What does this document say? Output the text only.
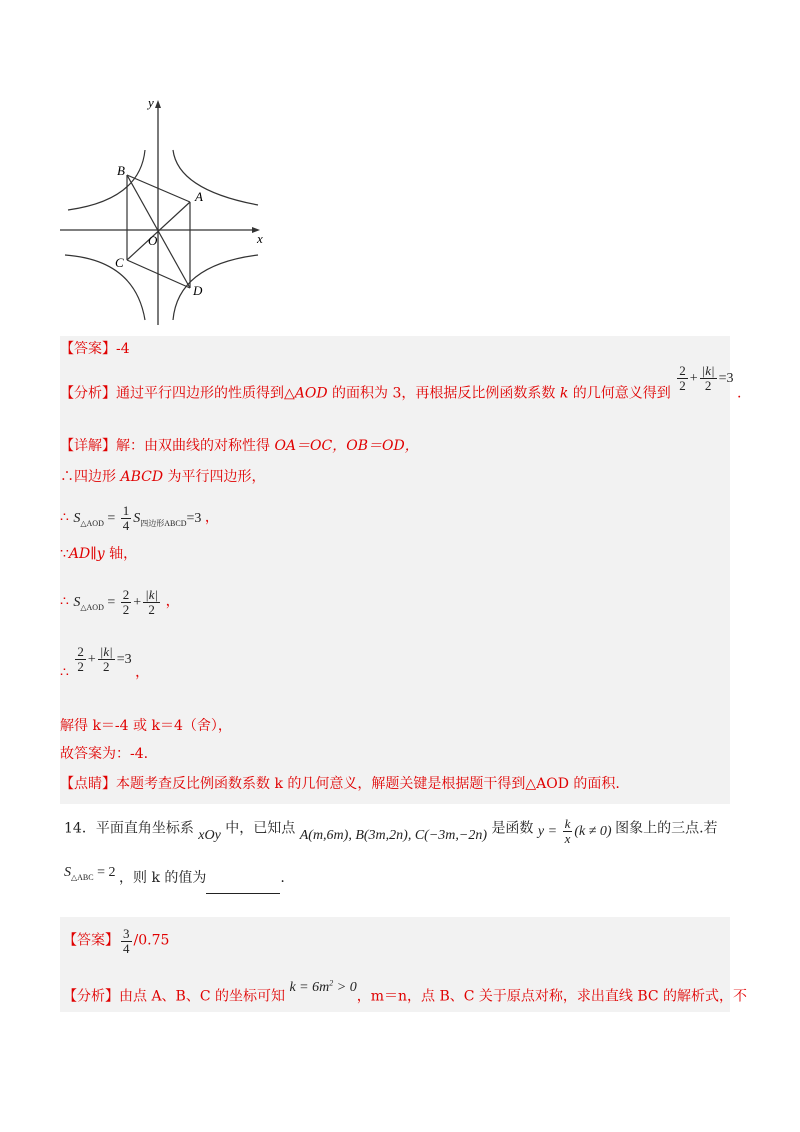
y
x
B
A
O
C
D
【答案】-4
【分析】通过平行四边形的性质得到△AOD 的面积为 3，再根据反比例函数系数 k 的几何意义得到
$\frac{2}{2} + \frac{|k|}{2} =3$ .
【详解】解：由双曲线的对称性得 OA＝OC，OB＝OD，
∴四边形 ABCD 为平行四边形，
∴ $S_{\triangle AOD} = \frac{1}{4} S_{四边形ABCD}=3$ ，
∵AD∥y 轴，
∴ $S_{\triangle AOD} = \frac{2}{2} + \frac{|k|}{2}$ ，
∴ $\frac{2}{2} + \frac{|k|}{2} =3$ ，
解得 k＝-4 或 k＝4（舍），
故答案为：-4.
【点睛】本题考查反比例函数系数 k 的几何意义，解题关键是根据题干得到△AOD 的面积.
14．平面直角坐标系 xOy 中，已知点 A(m,6m), B(3m,2n), C(−3m,−2n) 是函数 $y = \frac{k}{x} (k \ne 0)$ 图象上的三点.若
$S_{\triangle ABC} = 2$ ，则 k 的值为	.
【答案】 $\frac{3}{4} /0.75$
【分析】由点 A、B、C 的坐标可知 $k = 6m^2 > 0$，m＝n，点 B、C 关于原点对称，求出直线 BC 的解析式，不
